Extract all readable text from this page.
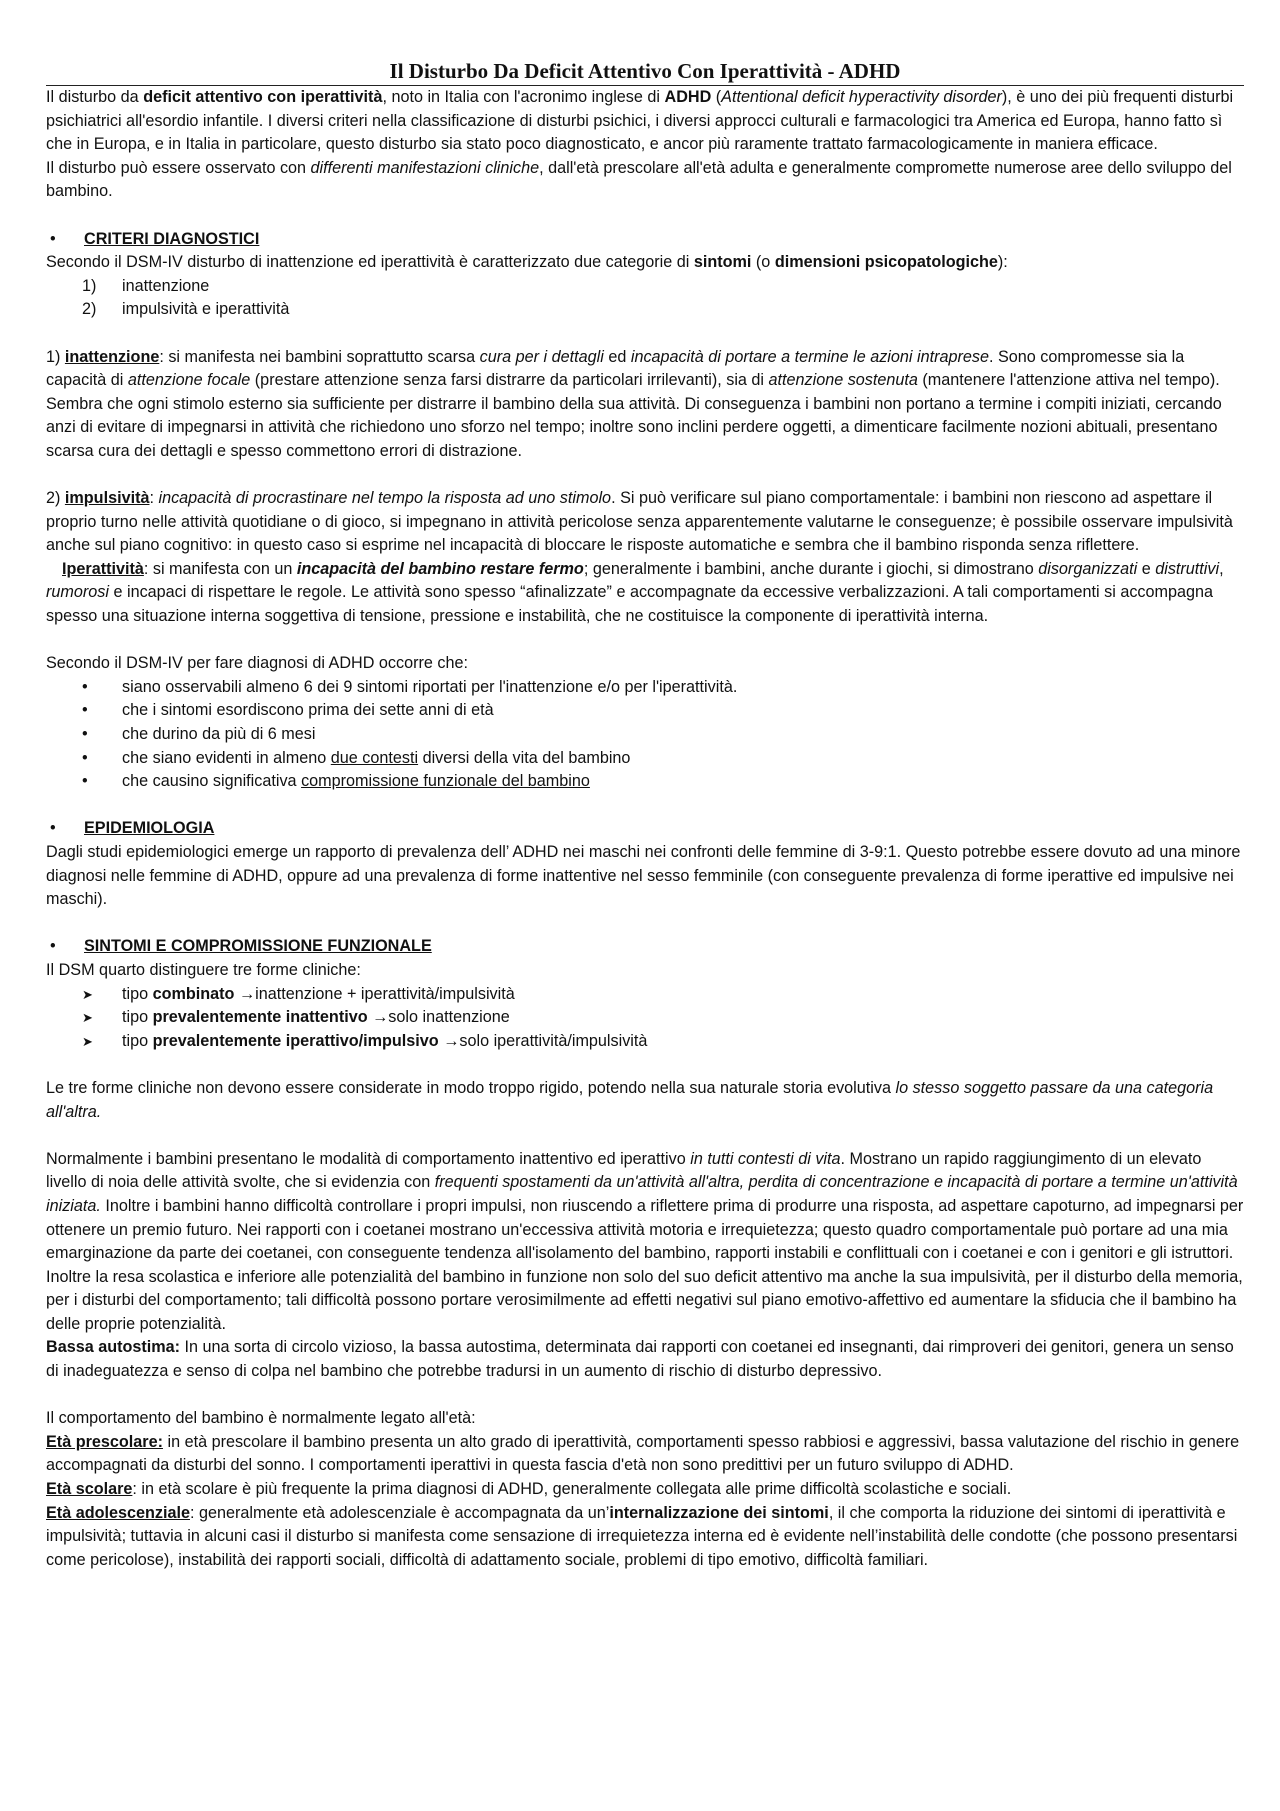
Il Disturbo Da Deficit Attentivo Con Iperattività - ADHD

Il disturbo da deficit attentivo con iperattività, noto in Italia con l'acronimo inglese di ADHD (Attentional deficit hyperactivity disorder), è uno dei più frequenti disturbi psichiatrici all'esordio infantile. I diversi criteri nella classificazione di disturbi psichici, i diversi approcci culturali e farmacologici tra America ed Europa, hanno fatto sì che in Europa, e in Italia in particolare, questo disturbo sia stato poco diagnosticato, e ancor più raramente trattato farmacologicamente in maniera efficace.

Il disturbo può essere osservato con differenti manifestazioni cliniche, dall'età prescolare all'età adulta e generalmente compromette numerose aree dello sviluppo del bambino.

• CRITERI DIAGNOSTICI

Secondo il DSM-IV disturbo di inattenzione ed iperattività è caratterizzato due categorie di sintomi (o dimensioni psicopatologiche):

1) inattenzione
2) impulsività e iperattività

1) inattenzione: si manifesta nei bambini soprattutto scarsa cura per i dettagli ed incapacità di portare a termine le azioni intraprese. Sono compromesse sia la capacità di attenzione focale (prestare attenzione senza farsi distrarre da particolari irrilevanti), sia di attenzione sostenuta (mantenere l'attenzione attiva nel tempo). Sembra che ogni stimolo esterno sia sufficiente per distrarre il bambino della sua attività. Di conseguenza i bambini non portano a termine i compiti iniziati, cercando anzi di evitare di impegnarsi in attività che richiedono uno sforzo nel tempo; inoltre sono inclini perdere oggetti, a dimenticare facilmente nozioni abituali, presentano scarsa cura dei dettagli e spesso commettono errori di distrazione.

2) impulsività: incapacità di procrastinare nel tempo la risposta ad uno stimolo. Si può verificare sul piano comportamentale: i bambini non riescono ad aspettare il proprio turno nelle attività quotidiane o di gioco, si impegnano in attività pericolose senza apparentemente valutarne le conseguenze; è possibile osservare impulsività anche sul piano cognitivo: in questo caso si esprime nel incapacità di bloccare le risposte automatiche e sembra che il bambino risponda senza riflettere.

Iperattività: si manifesta con un incapacità del bambino restare fermo; generalmente i bambini, anche durante i giochi, si dimostrano disorganizzati e distruttivi, rumorosi e incapaci di rispettare le regole. Le attività sono spesso “afinalizzate” e accompagnate da eccessive verbalizzazioni. A tali comportamenti si accompagna spesso una situazione interna soggettiva di tensione, pressione e instabilità, che ne costituisce la componente di iperattività interna.

Secondo il DSM-IV per fare diagnosi di ADHD occorre che:

• siano osservabili almeno 6 dei 9 sintomi riportati per l'inattenzione e/o per l'iperattività.
• che i sintomi esordiscono prima dei sette anni di età
• che durino da più di 6 mesi
• che siano evidenti in almeno due contesti diversi della vita del bambino
• che causino significativa compromissione funzionale del bambino
• EPIDEMIOLOGIA

Dagli studi epidemiologici emerge un rapporto di prevalenza dell’ ADHD nei maschi nei confronti delle femmine di 3-9:1. Questo potrebbe essere dovuto ad una minore diagnosi nelle femmine di ADHD, oppure ad una prevalenza di forme inattentive nel sesso femminile (con conseguente prevalenza di forme iperattive ed impulsive nei maschi).

• SINTOMI E COMPROMISSIONE FUNZIONALE

Il DSM quarto distinguere tre forme cliniche:

➤ tipo combinato →inattenzione + iperattività/impulsività
➤ tipo prevalentemente inattentivo →solo inattenzione
➤ tipo prevalentemente iperattivo/impulsivo →solo iperattività/impulsività

Le tre forme cliniche non devono essere considerate in modo troppo rigido, potendo nella sua naturale storia evolutiva lo stesso soggetto passare da una categoria all'altra.

Normalmente i bambini presentano le modalità di comportamento inattentivo ed iperattivo in tutti contesti di vita. Mostrano un rapido raggiungimento di un elevato livello di noia delle attività svolte, che si evidenzia con frequenti spostamenti da un'attività all'altra, perdita di concentrazione e incapacità di portare a termine un'attività iniziata. Inoltre i bambini hanno difficoltà controllare i propri impulsi, non riuscendo a riflettere prima di produrre una risposta, ad aspettare capoturno, ad impegnarsi per ottenere un premio futuro. Nei rapporti con i coetanei mostrano un'eccessiva attività motoria e irrequietezza; questo quadro comportamentale può portare ad una mia emarginazione da parte dei coetanei, con conseguente tendenza all'isolamento del bambino, rapporti instabili e conflittuali con i coetanei e con i genitori e gli istruttori.

Inoltre la resa scolastica e inferiore alle potenzialità del bambino in funzione non solo del suo deficit attentivo ma anche la sua impulsività, per il disturbo della memoria, per i disturbi del comportamento; tali difficoltà possono portare verosimilmente ad effetti negativi sul piano emotivo-affettivo ed aumentare la sfiducia che il bambino ha delle proprie potenzialità.

Bassa autostima: In una sorta di circolo vizioso, la bassa autostima, determinata dai rapporti con coetanei ed insegnanti, dai rimproveri dei genitori, genera un senso di inadeguatezza e senso di colpa nel bambino che potrebbe tradursi in un aumento di rischio di disturbo depressivo.

Il comportamento del bambino è normalmente legato all'età:

Età prescolare: in età prescolare il bambino presenta un alto grado di iperattività, comportamenti spesso rabbiosi e aggressivi, bassa valutazione del rischio in genere accompagnati da disturbi del sonno. I comportamenti iperattivi in questa fascia d'età non sono predittivi per un futuro sviluppo di ADHD.

Età scolare: in età scolare è più frequente la prima diagnosi di ADHD, generalmente collegata alle prime difficoltà scolastiche e sociali.

Età adolescenziale: generalmente età adolescenziale è accompagnata da un’internalizzazione dei sintomi, il che comporta la riduzione dei sintomi di iperattività e impulsività; tuttavia in alcuni casi il disturbo si manifesta come sensazione di irrequietezza interna ed è evidente nell’instabilità delle condotte (che possono presentarsi come pericolose), instabilità dei rapporti sociali, difficoltà di adattamento sociale, problemi di tipo emotivo, difficoltà familiari.
